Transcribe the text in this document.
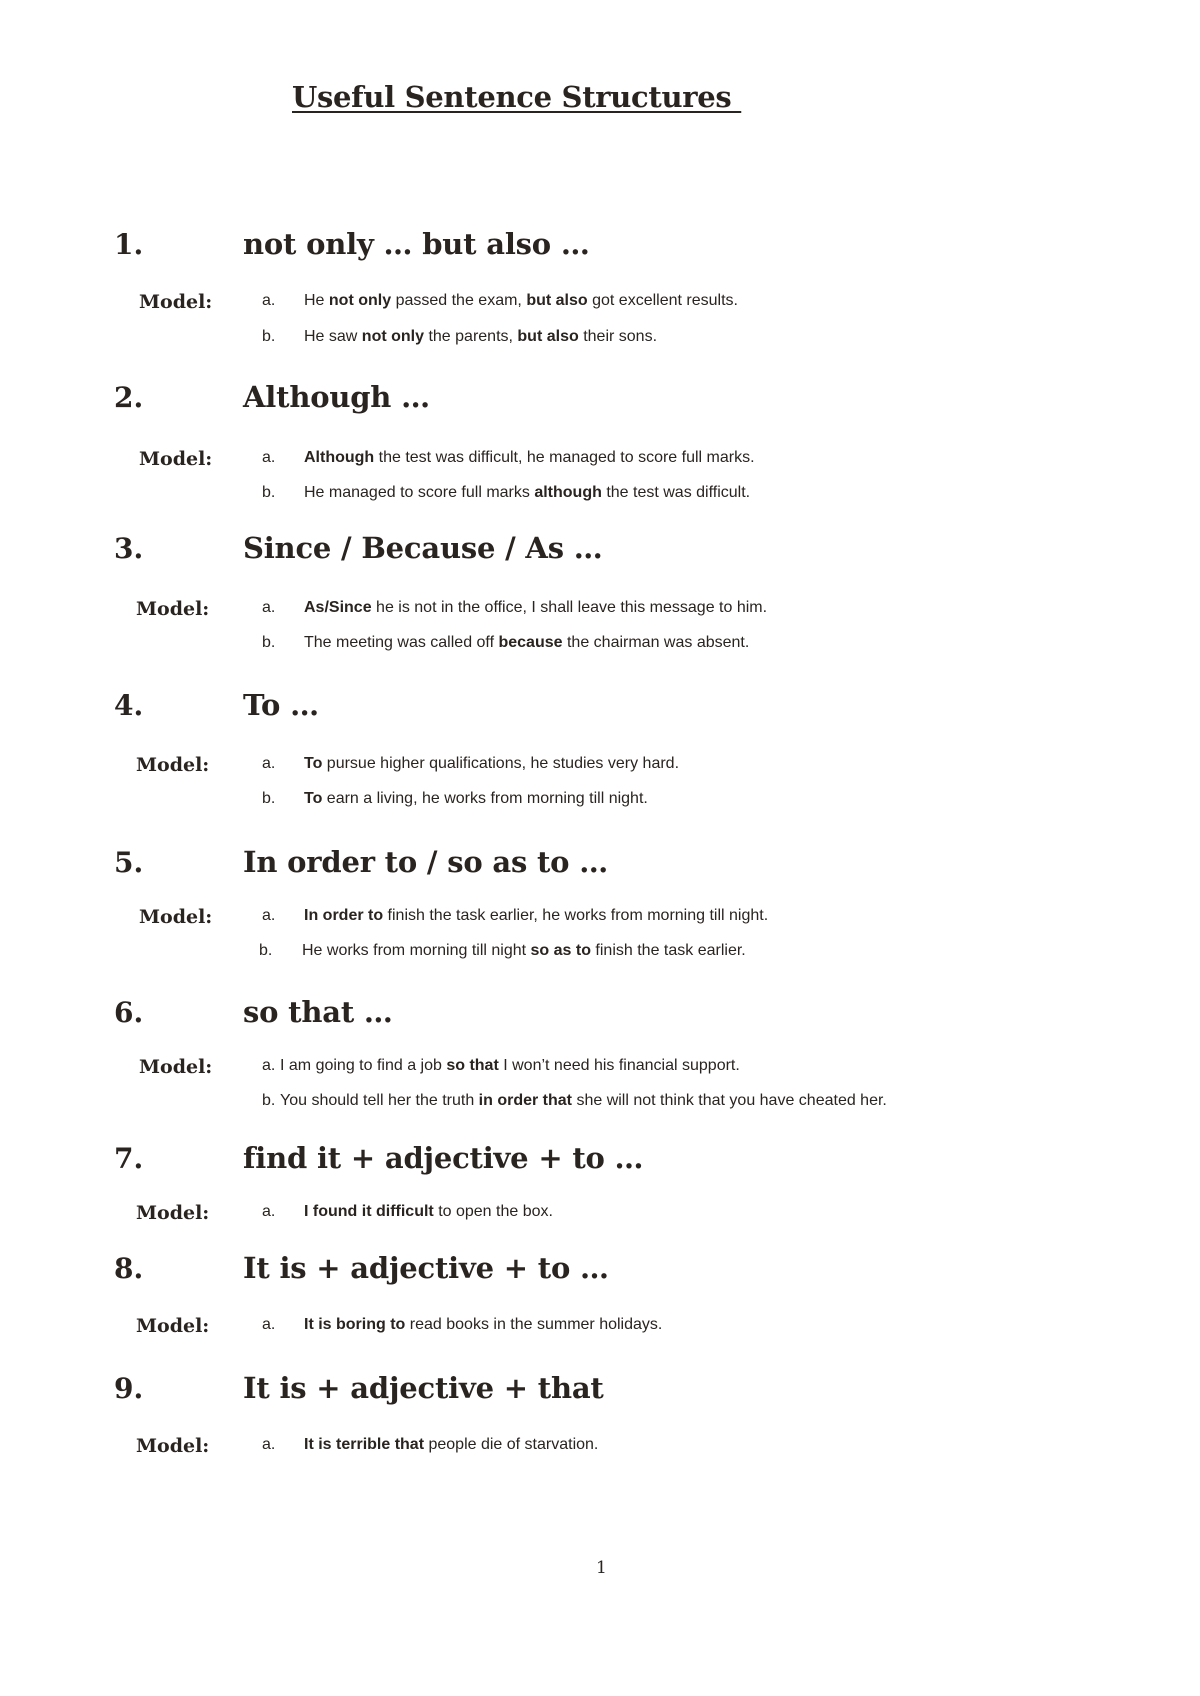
Useful Sentence Structures
1.	not only … but also …
Model:	a. He not only passed the exam, but also got excellent results.
b. He saw not only the parents, but also their sons.
2.	Although …
Model:	a. Although the test was difficult, he managed to score full marks.
b. He managed to score full marks although the test was difficult.
3.	Since / Because / As …
Model:	a. As/Since he is not in the office, I shall leave this message to him.
b. The meeting was called off because the chairman was absent.
4.	To …
Model:	a. To pursue higher qualifications, he studies very hard.
b. To earn a living, he works from morning till night.
5.	In order to / so as to …
Model:	a. In order to finish the task earlier, he works from morning till night.
b. He works from morning till night so as to finish the task earlier.
6.	so that …
Model:	a. I am going to find a job so that I won’t need his financial support.
b. You should tell her the truth in order that she will not think that you have cheated her.
7.	find it + adjective + to …
Model:	a. I found it difficult to open the box.
8.	It is + adjective + to …
Model:	a. It is boring to read books in the summer holidays.
9.	It is + adjective + that
Model:	a. It is terrible that people die of starvation.
1
